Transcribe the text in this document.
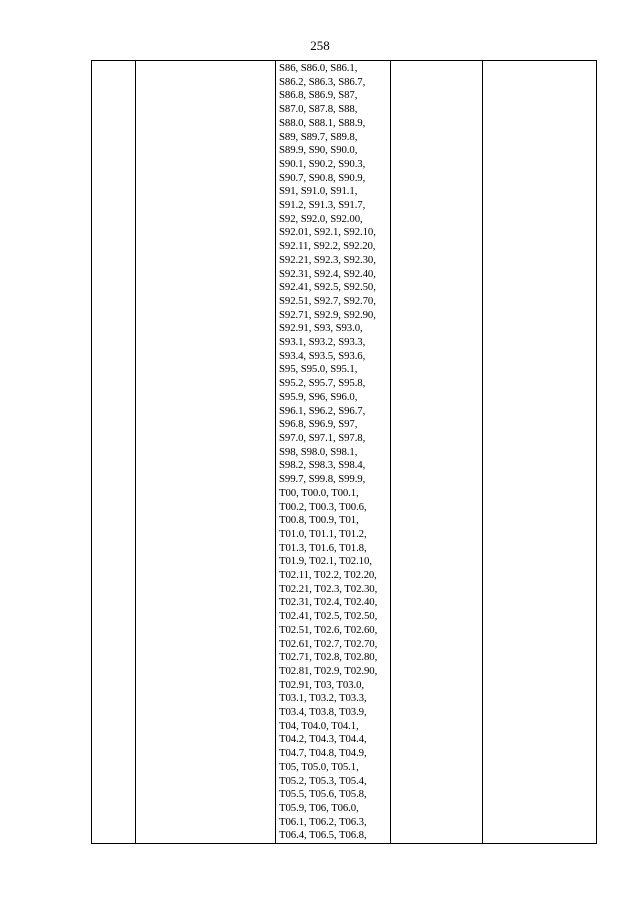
258

S86, S86.0, S86.1,
S86.2, S86.3, S86.7,
S86.8, S86.9, S87,
S87.0, S87.8, S88,
S88.0, S88.1, S88.9,
S89, S89.7, S89.8,
S89.9, S90, S90.0,
S90.1, S90.2, S90.3,
S90.7, S90.8, S90.9,
S91, S91.0, S91.1,
S91.2, S91.3, S91.7,
S92, S92.0, S92.00,
S92.01, S92.1, S92.10,
S92.11, S92.2, S92.20,
S92.21, S92.3, S92.30,
S92.31, S92.4, S92.40,
S92.41, S92.5, S92.50,
S92.51, S92.7, S92.70,
S92.71, S92.9, S92.90,
S92.91, S93, S93.0,
S93.1, S93.2, S93.3,
S93.4, S93.5, S93.6,
S95, S95.0, S95.1,
S95.2, S95.7, S95.8,
S95.9, S96, S96.0,
S96.1, S96.2, S96.7,
S96.8, S96.9, S97,
S97.0, S97.1, S97.8,
S98, S98.0, S98.1,
S98.2, S98.3, S98.4,
S99.7, S99.8, S99.9,
T00, T00.0, T00.1,
T00.2, T00.3, T00.6,
T00.8, T00.9, T01,
T01.0, T01.1, T01.2,
T01.3, T01.6, T01.8,
T01.9, T02.1, T02.10,
T02.11, T02.2, T02.20,
T02.21, T02.3, T02.30,
T02.31, T02.4, T02.40,
T02.41, T02.5, T02.50,
T02.51, T02.6, T02.60,
T02.61, T02.7, T02.70,
T02.71, T02.8, T02.80,
T02.81, T02.9, T02.90,
T02.91, T03, T03.0,
T03.1, T03.2, T03.3,
T03.4, T03.8, T03.9,
T04, T04.0, T04.1,
T04.2, T04.3, T04.4,
T04.7, T04.8, T04.9,
T05, T05.0, T05.1,
T05.2, T05.3, T05.4,
T05.5, T05.6, T05.8,
T05.9, T06, T06.0,
T06.1, T06.2, T06.3,
T06.4, T06.5, T06.8,
